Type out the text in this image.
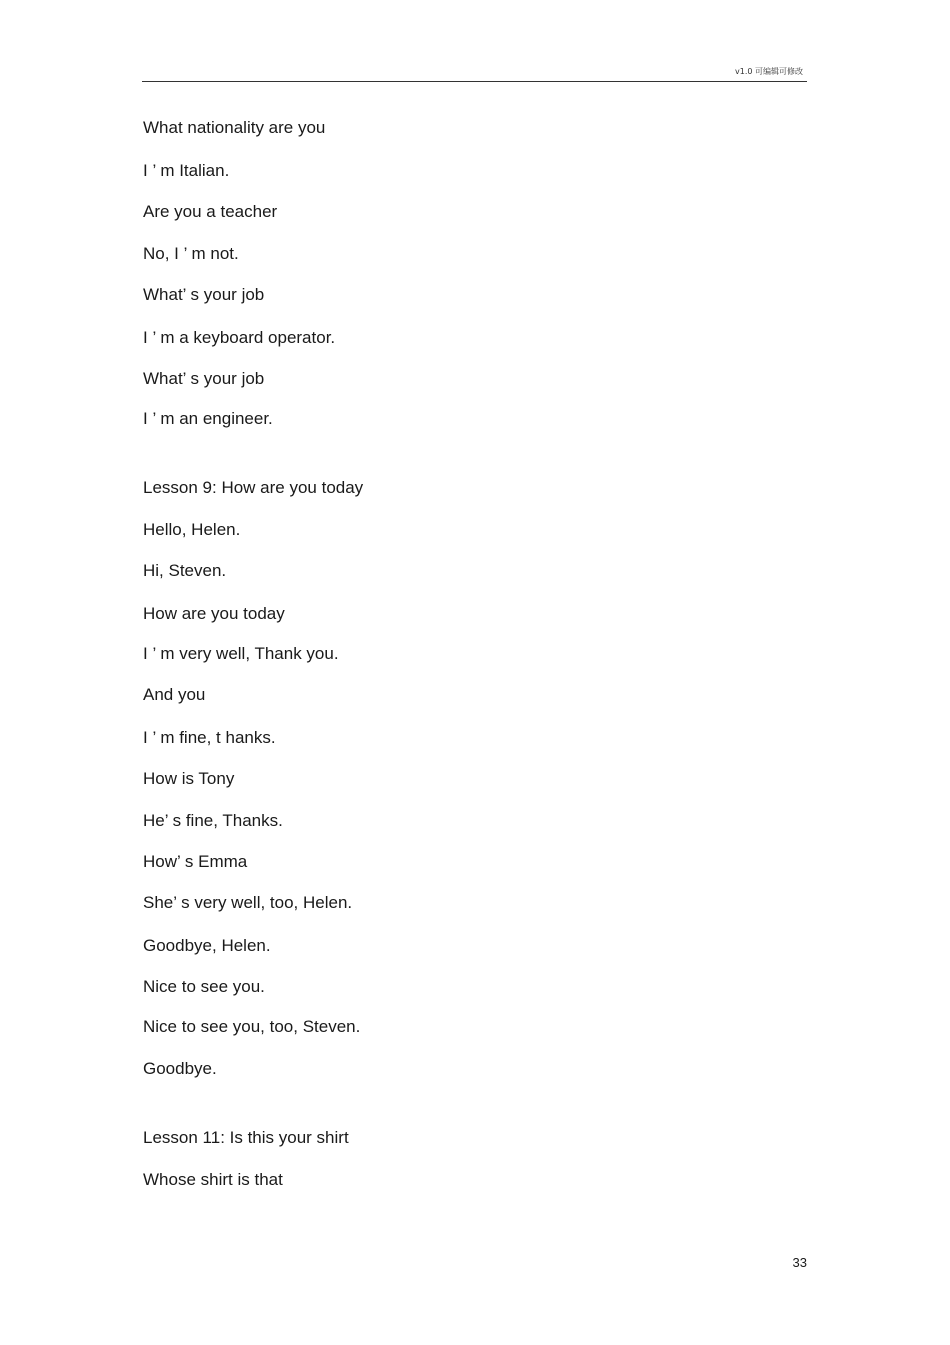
v1.0 可编辑可修改
What nationality are you
I ’ m Italian.
Are you a teacher
No, I ’ m not.
What’ s your job
I ’ m a keyboard operator.
What’ s your job
I ’ m an engineer.
Lesson 9: How are you today
Hello, Helen.
Hi, Steven.
How are you today
I ’ m very well, Thank you.
And you
I ’ m fine, t hanks.
How is Tony
He’ s fine, Thanks.
How’ s Emma
She’ s very well, too, Helen.
Goodbye, Helen.
Nice to see you.
Nice to see you, too, Steven.
Goodbye.
Lesson 11: Is this your shirt
Whose shirt is that
33
